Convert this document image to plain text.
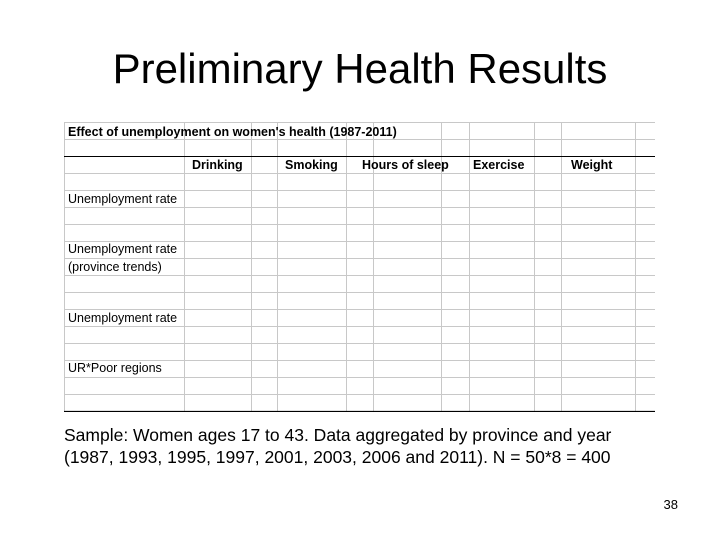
Preliminary Health Results
Effect of unemployment on women's health (1987-2011)
Drinking	Smoking Hours of sleep Exercise	Weight
Unemployment rate
Unemployment rate
(province trends)
Unemployment rate
UR*Poor regions
Sample: Women ages 17 to 43. Data aggregated by province and year
(1987, 1993, 1995, 1997, 2001, 2003, 2006 and 2011). N = 50*8 = 400
38
